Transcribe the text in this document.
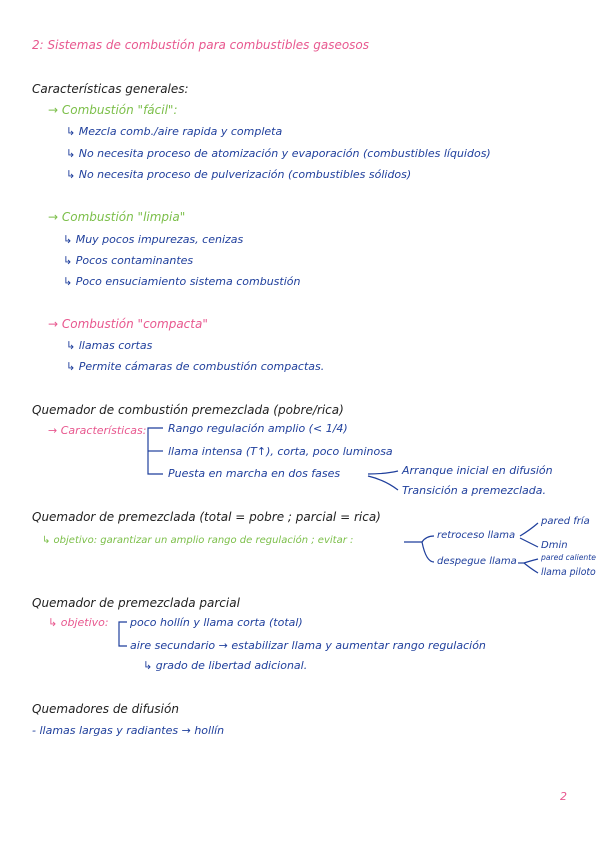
2: Sistemas de combustión para combustibles gaseosos
Características generales:
→ Combustión "fácil":
↳ Mezcla comb./aire rapida y completa
↳ No necesita proceso de atomización y evaporación (combustibles líquidos)
↳ No necesita proceso de pulverización (combustibles sólidos)
→ Combustión "limpia"
↳ Muy pocos impurezas, cenizas
↳ Pocos contaminantes
↳ Poco ensuciamiento sistema combustión
→ Combustión "compacta"
↳ llamas cortas
↳ Permite cámaras de combustión compactas.
Quemador de combustión premezclada (pobre/rica)
→ Características: Rango regulación amplio (< 1/4)
llama intensa (T↑), corta, poco luminosa
Puesta en marcha en dos fases	Arranque inicial en difusión
Transición a premezclada.
Quemador de premezclada (total = pobre ; parcial = rica)
↳ objetivo: garantizar un amplio rango de regulación ; evitar :	retroceso llama
despegue llama
pared fría
Dmin
pared caliente
llama piloto
Quemador de premezclada parcial
↳ objetivo: poco hollín y llama corta (total)
aire secundario → estabilizar llama y aumentar rango regulación
↳ grado de libertad adicional.
Quemadores de difusión
- llamas largas y radiantes → hollín
2
